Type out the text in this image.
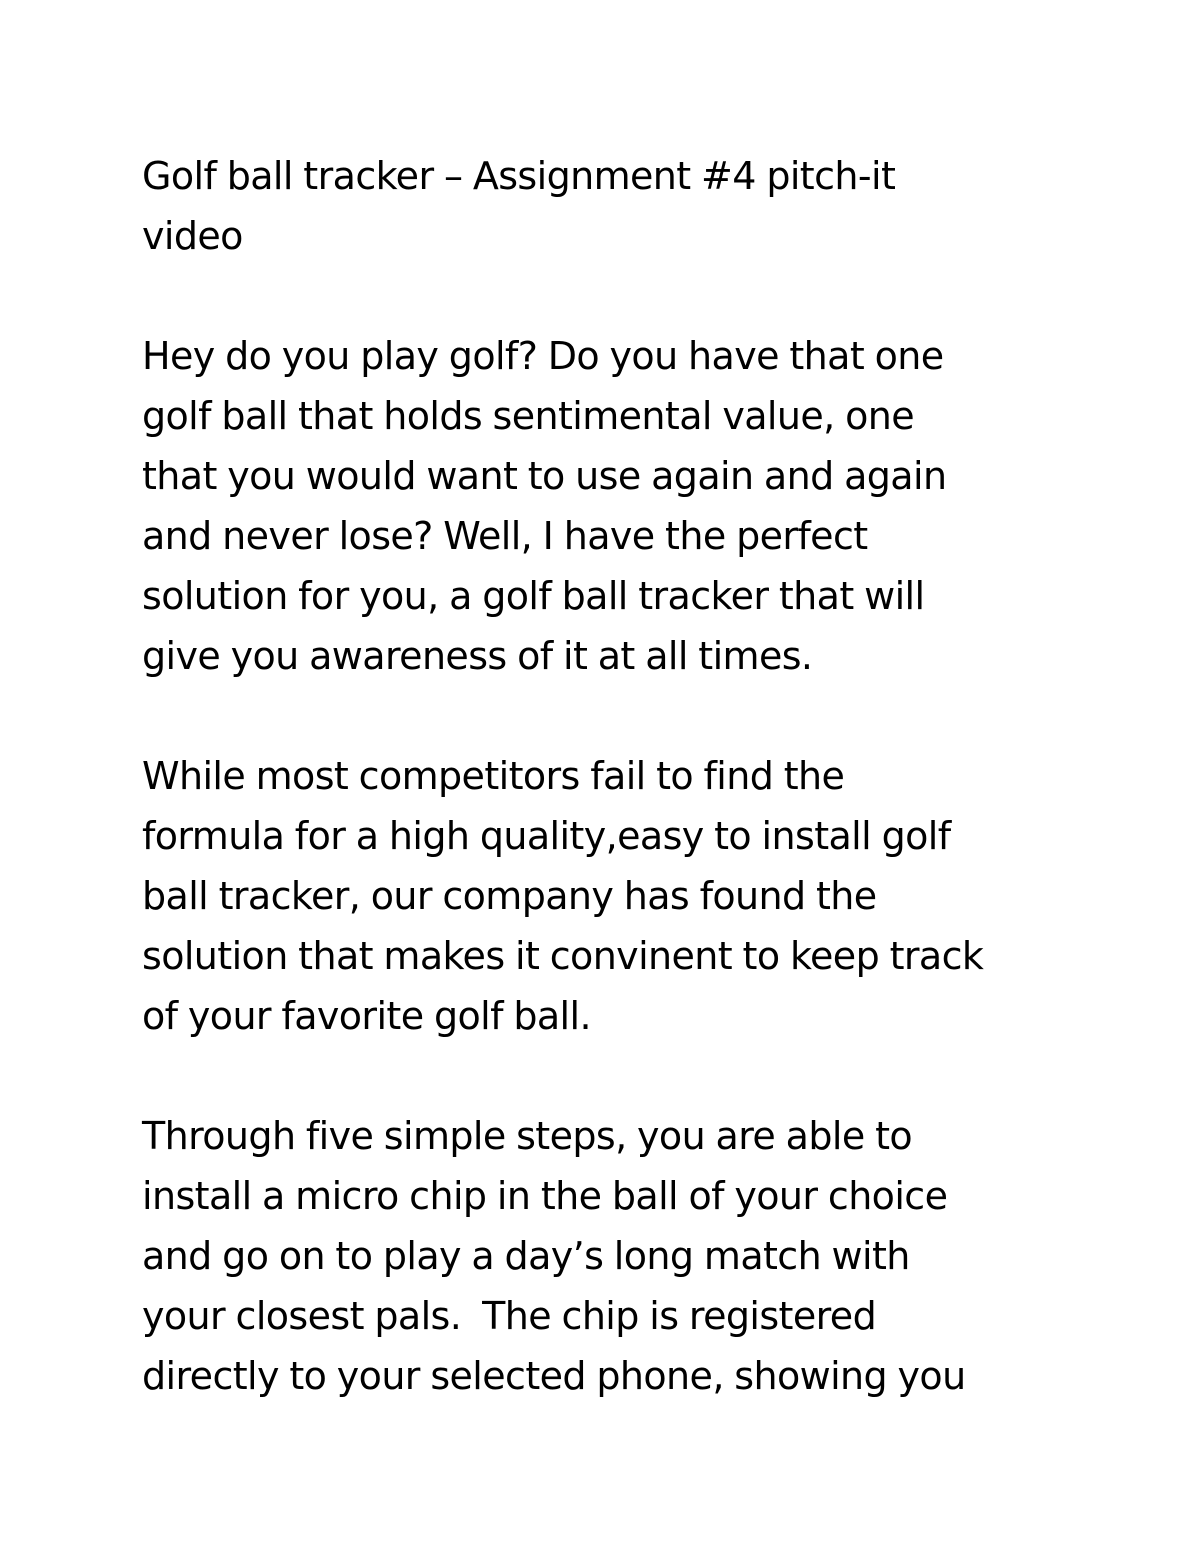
Golf ball tracker – Assignment #4 pitch-it

video

Hey do you play golf? Do you have that one

golf ball that holds sentimental value, one

that you would want to use again and again

and never lose? Well, I have the perfect

solution for you, a golf ball tracker that will

give you awareness of it at all times.

While most competitors fail to find the

formula for a high quality,easy to install golf

ball tracker, our company has found the

solution that makes it convinent to keep track

of your favorite golf ball.

Through five simple steps, you are able to

install a micro chip in the ball of your choice

and go on to play a day’s long match with

your closest pals.  The chip is registered

directly to your selected phone, showing you
